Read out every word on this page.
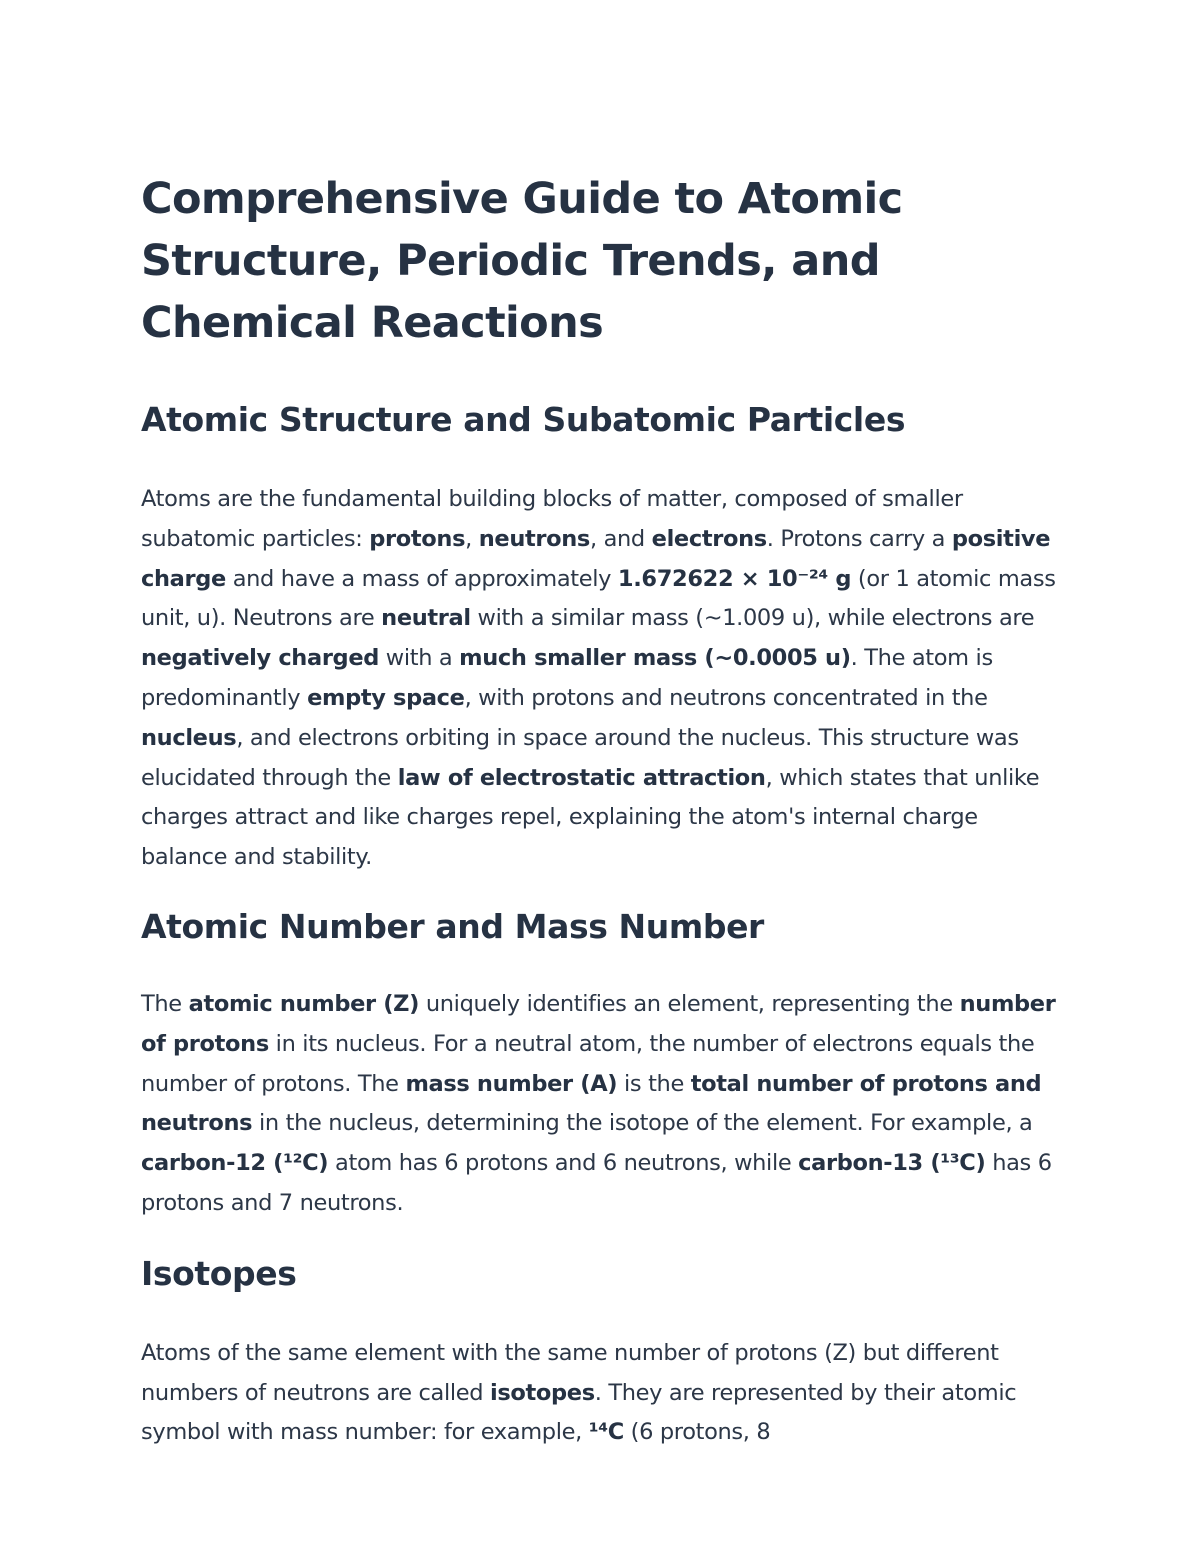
Comprehensive Guide to Atomic Structure, Periodic Trends, and Chemical Reactions
Atomic Structure and Subatomic Particles

Atoms are the fundamental building blocks of matter, composed of smaller subatomic particles: protons, neutrons, and electrons. Protons carry a positive charge and have a mass of approximately 1.672622 × 10⁻²⁴ g (or 1 atomic mass unit, u). Neutrons are neutral with a similar mass (~1.009 u), while electrons are negatively charged with a much smaller mass (~0.0005 u). The atom is predominantly empty space, with protons and neutrons concentrated in the nucleus, and electrons orbiting in space around the nucleus. This structure was elucidated through the law of electrostatic attraction, which states that unlike charges attract and like charges repel, explaining the atom's internal charge balance and stability.

Atomic Number and Mass Number

The atomic number (Z) uniquely identifies an element, representing the number of protons in its nucleus. For a neutral atom, the number of electrons equals the number of protons. The mass number (A) is the total number of protons and neutrons in the nucleus, determining the isotope of the element. For example, a carbon-12 (¹²C) atom has 6 protons and 6 neutrons, while carbon-13 (¹³C) has 6 protons and 7 neutrons.

Isotopes

Atoms of the same element with the same number of protons (Z) but different numbers of neutrons are called isotopes. They are represented by their atomic symbol with mass number: for example, ¹⁴C (6 protons, 8
